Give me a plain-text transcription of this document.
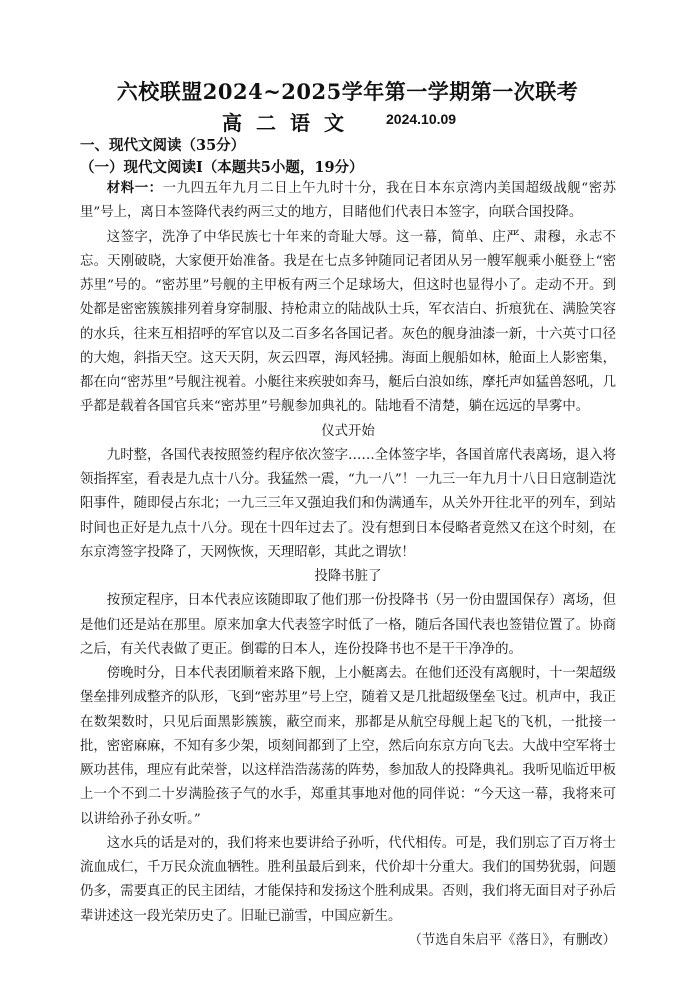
六校联盟2024~2025学年第一学期第一次联考
高二语文 2024.10.09
一、现代文阅读（35分）
（一）现代文阅读Ⅰ（本题共5小题，19分）

材料一：一九四五年九月二日上午九时十分，我在日本东京湾内美国超级战舰“密苏里”号上，离日本签降代表约两三丈的地方，目睹他们代表日本签字，向联合国投降。

这签字，洗净了中华民族七十年来的奇耻大辱。这一幕，简单、庄严、肃穆，永志不忘。天刚破晓，大家便开始准备。我是在七点多钟随同记者团从另一艘军舰乘小艇登上“密苏里”号的。“密苏里”号舰的主甲板有两三个足球场大，但这时也显得小了。走动不开。到处都是密密簇簇排列着身穿制服、持枪肃立的陆战队士兵，军衣洁白、折痕犹在、满脸笑容的水兵，往来互相招呼的军官以及二百多名各国记者。灰色的舰身油漆一新，十六英寸口径的大炮，斜指天空。这天天阴，灰云四罩，海风轻拂。海面上舰船如林，舱面上人影密集，都在向“密苏里”号舰注视着。小艇往来疾驶如奔马，艇后白浪如练，摩托声如猛兽怒吼，几乎都是载着各国官兵来“密苏里”号舰参加典礼的。陆地看不清楚，躺在远远的旱雾中。

仪式开始

九时整，各国代表按照签约程序依次签字……全体签字毕，各国首席代表离场，退入将领指挥室，看表是九点十八分。我猛然一震，“九一八”！一九三一年九月十八日日寇制造沈阳事件，随即侵占东北；一九三三年又强迫我们和伪满通车，从关外开往北平的列车，到站时间也正好是九点十八分。现在十四年过去了。没有想到日本侵略者竟然又在这个时刻，在东京湾签字投降了，天网恢恢，天理昭彰，其此之谓欤！

投降书脏了

按预定程序，日本代表应该随即取了他们那一份投降书（另一份由盟国保存）离场，但是他们还是站在那里。原来加拿大代表签字时低了一格，随后各国代表也签错位置了。协商之后，有关代表做了更正。倒霉的日本人，连份投降书也不是干干净净的。

傍晚时分，日本代表团顺着来路下舰，上小艇离去。在他们还没有离舰时，十一架超级堡垒排列成整齐的队形，飞到“密苏里”号上空，随着又是几批超级堡垒飞过。机声中，我正在数架数时，只见后面黑影簇簇，蔽空而来，那都是从航空母舰上起飞的飞机，一批接一批，密密麻麻，不知有多少架，顷刻间都到了上空，然后向东京方向飞去。大战中空军将士厥功甚伟，理应有此荣誉，以这样浩浩荡荡的阵势，参加敌人的投降典礼。我听见临近甲板上一个不到二十岁满脸孩子气的水手，郑重其事地对他的同伴说：“今天这一幕，我将来可以讲给孙子孙女听。”

这水兵的话是对的，我们将来也要讲给子孙听，代代相传。可是，我们别忘了百万将士流血成仁，千万民众流血牺牲。胜利虽最后到来，代价却十分重大。我们的国势犹弱，问题仍多，需要真正的民主团结，才能保持和发扬这个胜利成果。否则，我们将无面目对子孙后辈讲述这一段光荣历史了。旧耻已湔雪，中国应新生。

（节选自朱启平《落日》，有删改）
